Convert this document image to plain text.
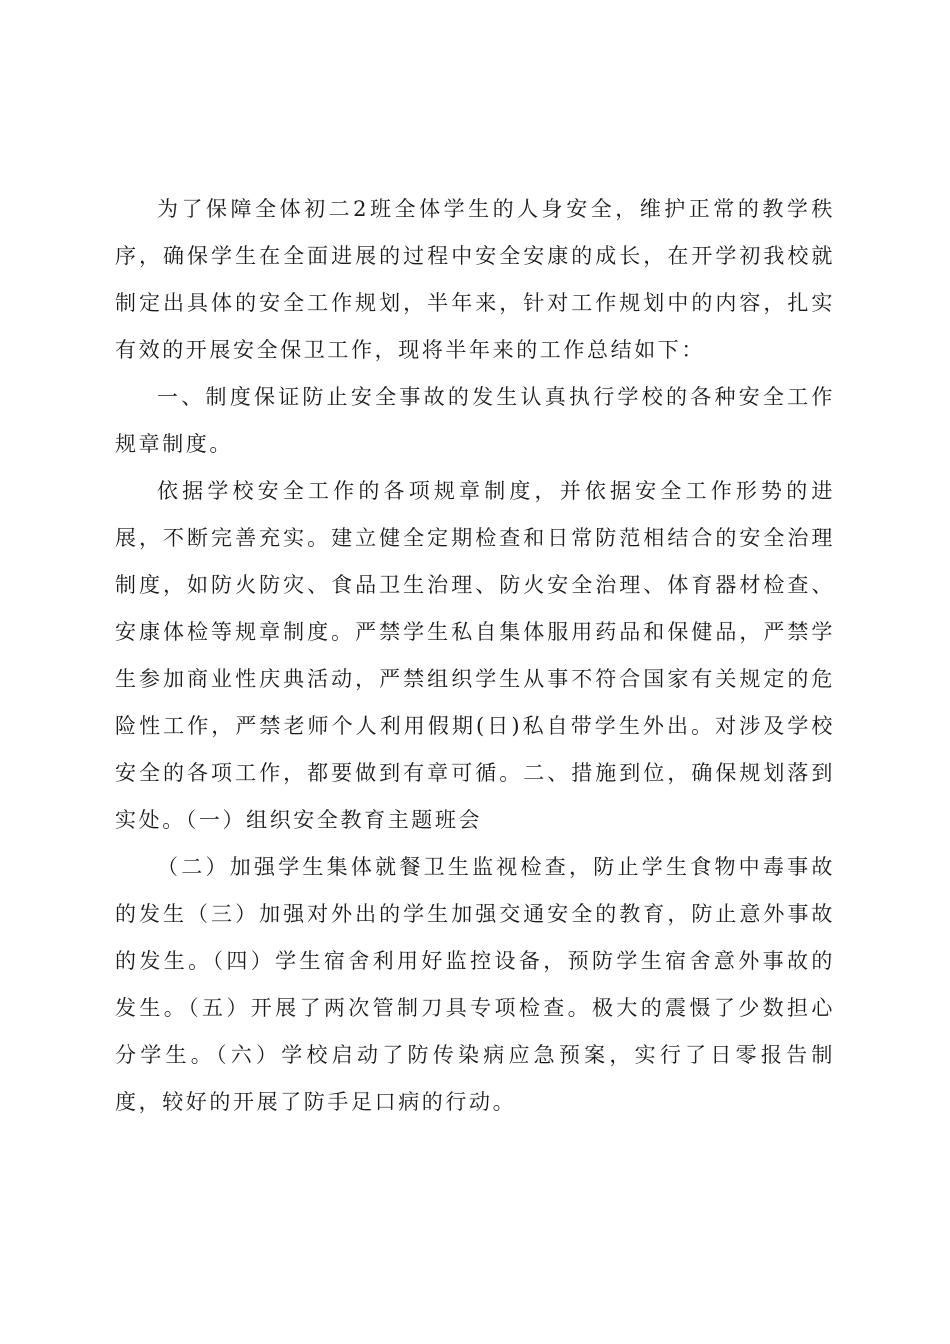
为了保障全体初二2班全体学生的人身安全，维护正常的教学秩序，确保学生在全面进展的过程中安全安康的成长，在开学初我校就制定出具体的安全工作规划，半年来，针对工作规划中的内容，扎实有效的开展安全保卫工作，现将半年来的工作总结如下：

一、制度保证防止安全事故的发生认真执行学校的各种安全工作规章制度。

依据学校安全工作的各项规章制度，并依据安全工作形势的进展，不断完善充实。建立健全定期检查和日常防范相结合的安全治理制度，如防火防灾、食品卫生治理、防火安全治理、体育器材检查、安康体检等规章制度。严禁学生私自集体服用药品和保健品，严禁学生参加商业性庆典活动，严禁组织学生从事不符合国家有关规定的危险性工作，严禁老师个人利用假期(日)私自带学生外出。对涉及学校安全的各项工作，都要做到有章可循。二、措施到位，确保规划落到实处。（一）组织安全教育主题班会

（二）加强学生集体就餐卫生监视检查，防止学生食物中毒事故的发生（三）加强对外出的学生加强交通安全的教育，防止意外事故的发生。（四）学生宿舍利用好监控设备，预防学生宿舍意外事故的发生。（五）开展了两次管制刀具专项检查。极大的震慑了少数担心分学生。（六）学校启动了防传染病应急预案，实行了日零报告制度，较好的开展了防手足口病的行动。
